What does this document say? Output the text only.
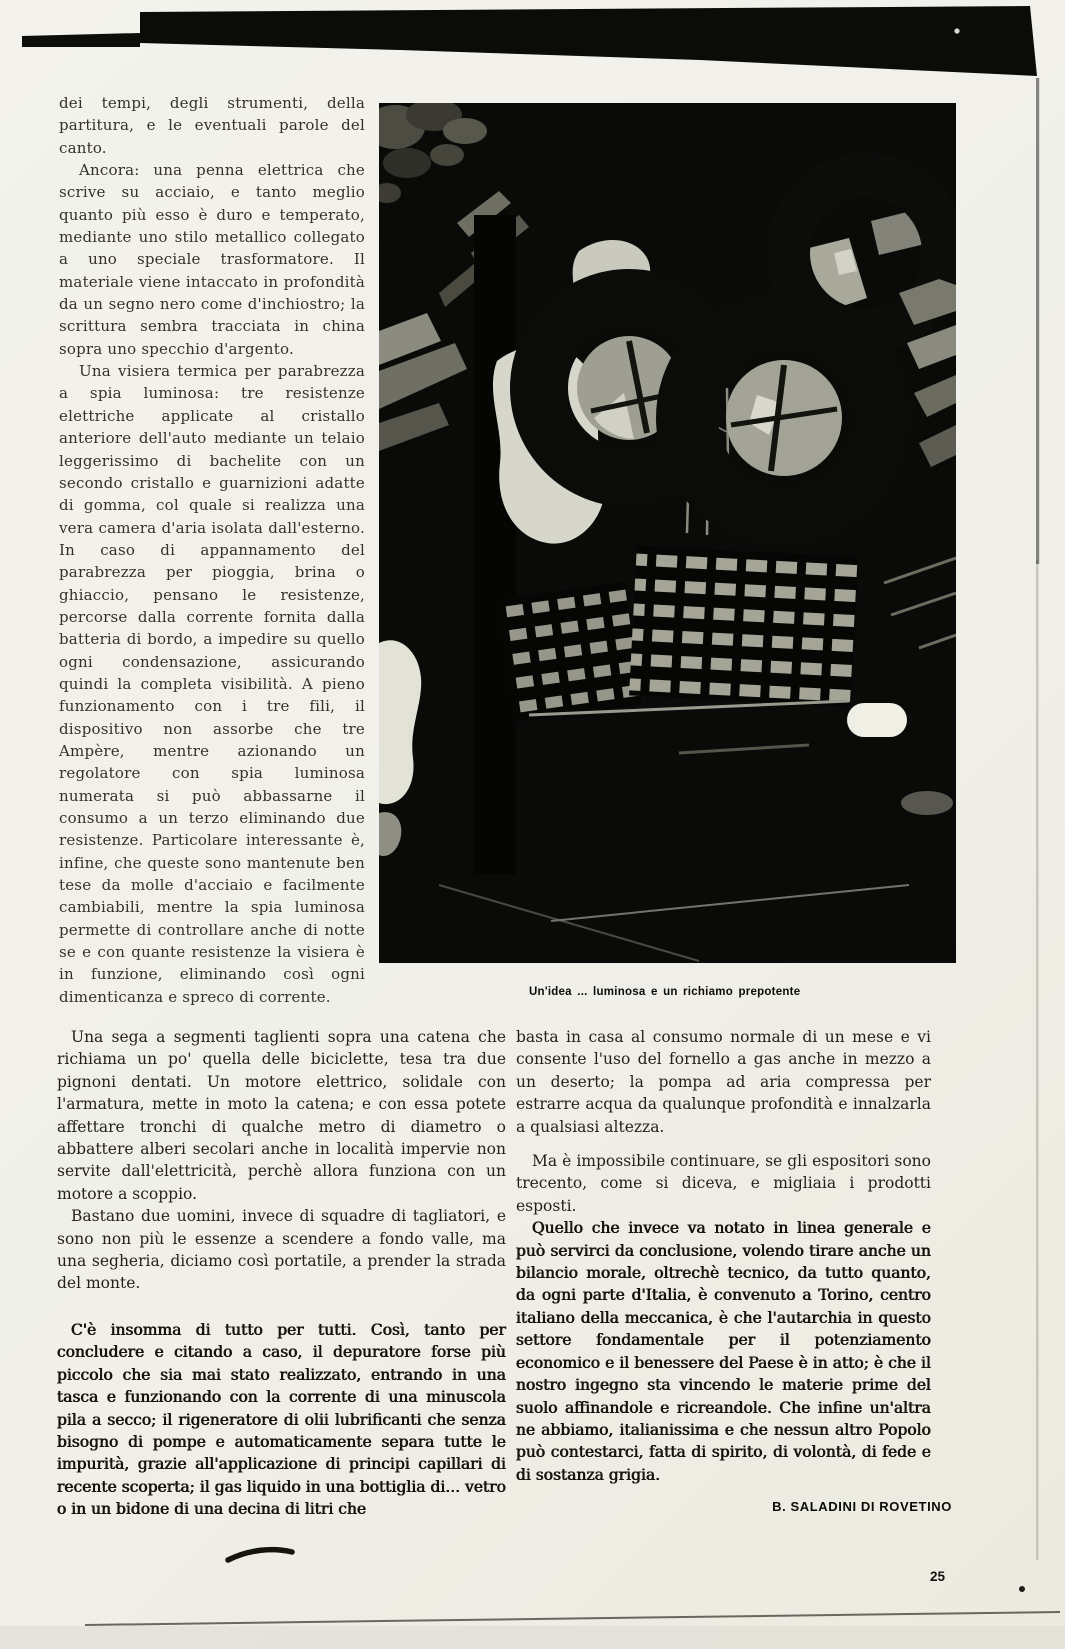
dei tempi, degli strumenti, della partitura, e le eventuali parole del canto.

Ancora: una penna elettrica che scrive su acciaio, e tanto meglio quanto più esso è duro e temperato, mediante uno stilo metallico collegato a uno speciale trasformatore. Il materiale viene intaccato in profondità da un segno nero come d'inchiostro; la scrittura sembra tracciata in china sopra uno specchio d'argento.

Una visiera termica per parabrezza a spia luminosa: tre resistenze elettriche applicate al cristallo anteriore dell'auto mediante un telaio leggerissimo di bachelite con un secondo cristallo e guarnizioni adatte di gomma, col quale si realizza una vera camera d'aria isolata dall'esterno. In caso di appannamento del parabrezza per pioggia, brina o ghiaccio, pensano le resistenze, percorse dalla corrente fornita dalla batteria di bordo, a impedire su quello ogni condensazione, assicurando quindi la completa visibilità. A pieno funzionamento con i tre fili, il dispositivo non assorbe che tre Ampère, mentre azionando un regolatore con spia luminosa numerata si può abbassarne il consumo a un terzo eliminando due resistenze. Particolare interessante è, infine, che queste sono mantenute ben tese da molle d'acciaio e facilmente cambiabili, mentre la spia luminosa permette di controllare anche di notte se e con quante resistenze la visiera è in funzione, eliminando così ogni dimenticanza e spreco di corrente.	Un'idea ... luminosa e un richiamo prepotente

Una sega a segmenti taglienti sopra una catena che richiama un po' quella delle biciclette, tesa tra due pignoni dentati. Un motore elettrico, solidale con l'armatura, mette in moto la catena; e con essa potete affettare tronchi di qualche metro di diametro o abbattere alberi secolari anche in località impervie non servite dall'elettricità, perchè allora funziona con un motore a scoppio.

Bastano due uomini, invece di squadre di tagliatori, e sono non più le essenze a scendere a fondo valle, ma una segheria, diciamo così portatile, a prender la strada del monte.

C'è insomma di tutto per tutti. Così, tanto per concludere e citando a caso, il depuratore forse più piccolo che sia mai stato realizzato, entrando in una tasca e funzionando con la corrente di una minuscola pila a secco; il rigeneratore di olii lubrificanti che senza bisogno di pompe e automaticamente separa tutte le impurità, grazie all'applicazione di principi capillari di recente scoperta; il gas liquido in una bottiglia di... vetro o in un bidone di una decina di litri che

basta in casa al consumo normale di un mese e vi consente l'uso del fornello a gas anche in mezzo a un deserto; la pompa ad aria compressa per estrarre acqua da qualunque profondità e innalzarla a qualsiasi altezza.

Ma è impossibile continuare, se gli espositori sono trecento, come si diceva, e migliaia i prodotti esposti.

Quello che invece va notato in linea generale e può servirci da conclusione, volendo tirare anche un bilancio morale, oltrechè tecnico, da tutto quanto, da ogni parte d'Italia, è convenuto a Torino, centro italiano della meccanica, è che l'autarchia in questo settore fondamentale per il potenziamento economico e il benessere del Paese è in atto; è che il nostro ingegno sta vincendo le materie prime del suolo affinandole e ricreandole. Che infine un'altra ne abbiamo, italianissima e che nessun altro Popolo può contestarci, fatta di spirito, di volontà, di fede e di sostanza grigia.

B. SALADINI DI ROVETINO
25
